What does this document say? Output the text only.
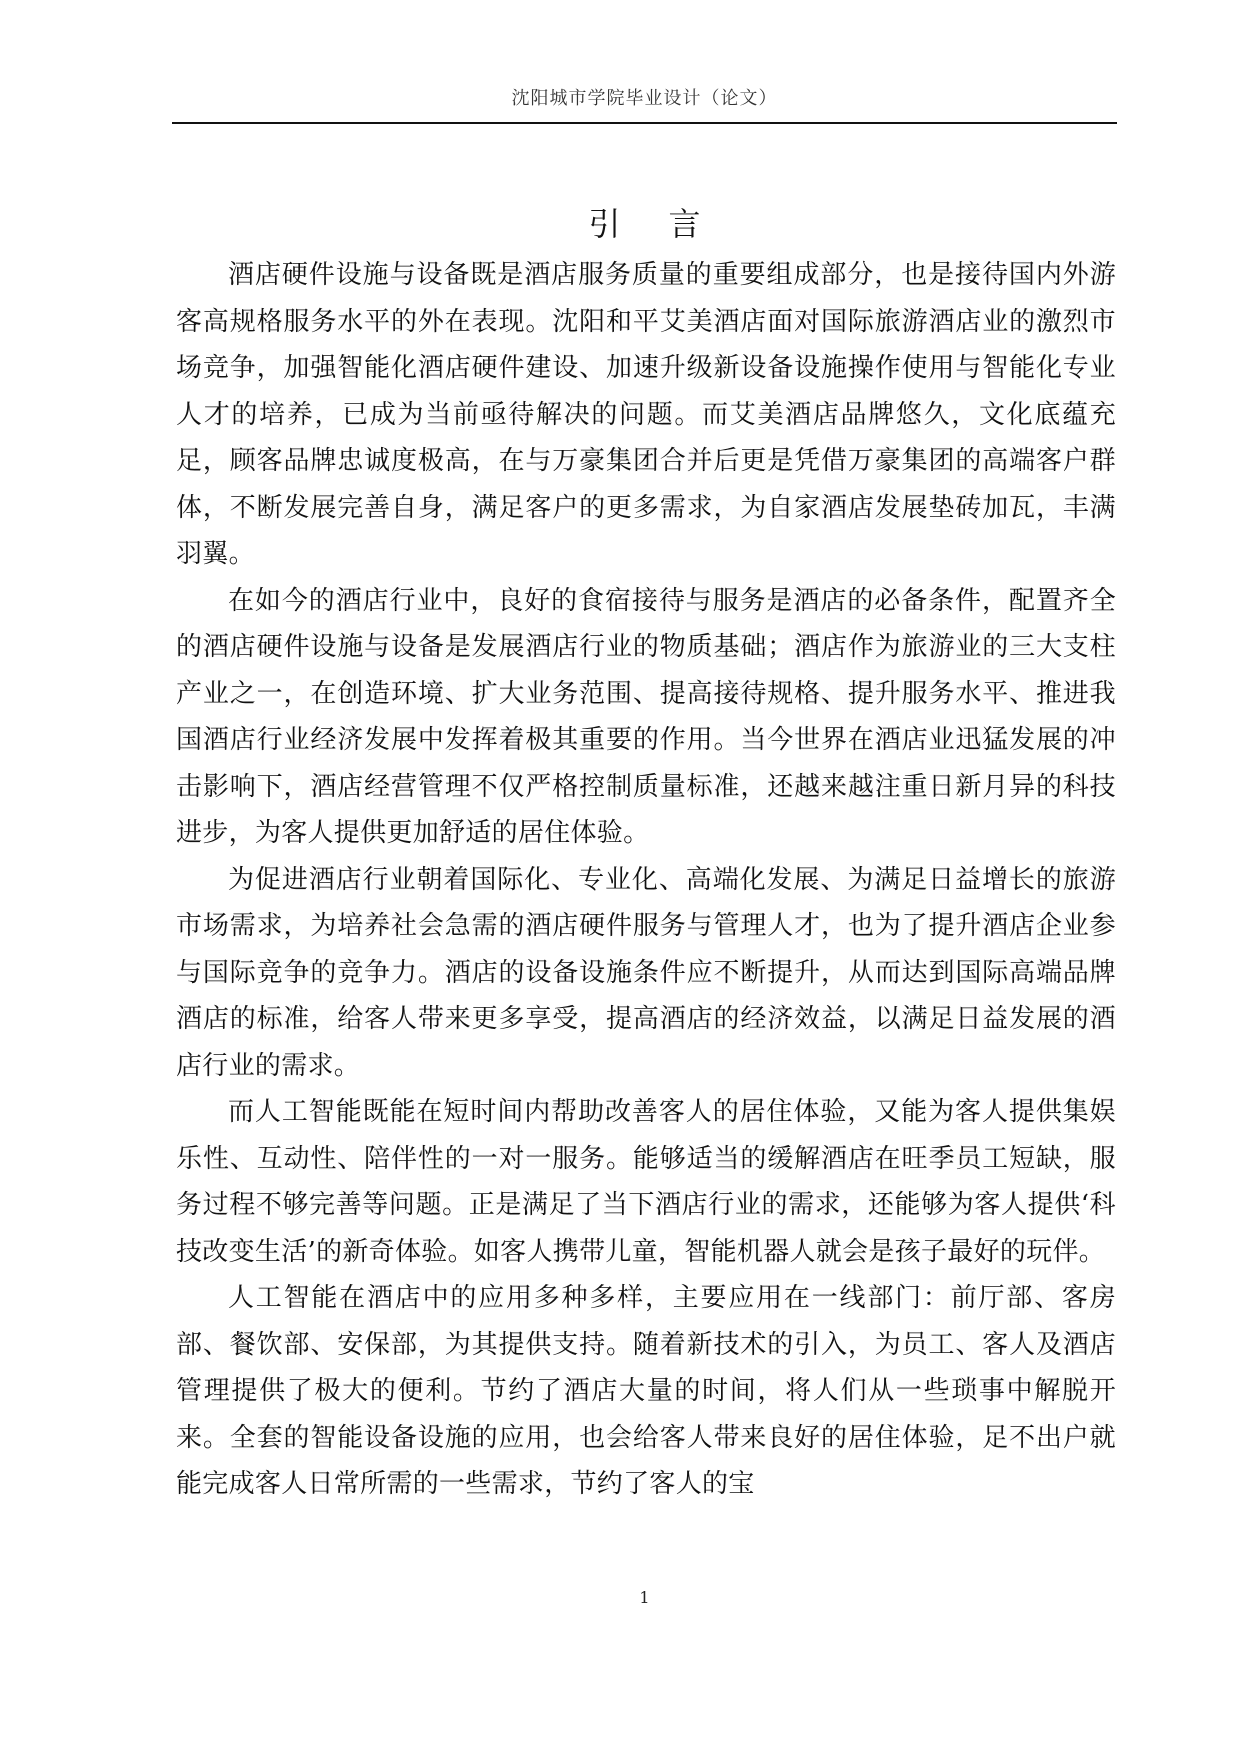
沈阳城市学院毕业设计（论文）
引言

酒店硬件设施与设备既是酒店服务质量的重要组成部分，也是接待国内外游客高规格服务水平的外在表现。沈阳和平艾美酒店面对国际旅游酒店业的激烈市场竞争，加强智能化酒店硬件建设、加速升级新设备设施操作使用与智能化专业人才的培养，已成为当前亟待解决的问题。而艾美酒店品牌悠久，文化底蕴充足，顾客品牌忠诚度极高，在与万豪集团合并后更是凭借万豪集团的高端客户群体，不断发展完善自身，满足客户的更多需求，为自家酒店发展垫砖加瓦，丰满羽翼。

在如今的酒店行业中，良好的食宿接待与服务是酒店的必备条件，配置齐全的酒店硬件设施与设备是发展酒店行业的物质基础；酒店作为旅游业的三大支柱产业之一，在创造环境、扩大业务范围、提高接待规格、提升服务水平、推进我国酒店行业经济发展中发挥着极其重要的作用。当今世界在酒店业迅猛发展的冲击影响下，酒店经营管理不仅严格控制质量标准，还越来越注重日新月异的科技进步，为客人提供更加舒适的居住体验。

为促进酒店行业朝着国际化、专业化、高端化发展、为满足日益增长的旅游市场需求，为培养社会急需的酒店硬件服务与管理人才，也为了提升酒店企业参与国际竞争的竞争力。酒店的设备设施条件应不断提升，从而达到国际高端品牌酒店的标准，给客人带来更多享受，提高酒店的经济效益，以满足日益发展的酒店行业的需求。

而人工智能既能在短时间内帮助改善客人的居住体验，又能为客人提供集娱乐性、互动性、陪伴性的一对一服务。能够适当的缓解酒店在旺季员工短缺，服务过程不够完善等问题。正是满足了当下酒店行业的需求，还能够为客人提供‘科技改变生活’的新奇体验。如客人携带儿童，智能机器人就会是孩子最好的玩伴。

人工智能在酒店中的应用多种多样，主要应用在一线部门：前厅部、客房部、餐饮部、安保部，为其提供支持。随着新技术的引入，为员工、客人及酒店管理提供了极大的便利。节约了酒店大量的时间，将人们从一些琐事中解脱开来。全套的智能设备设施的应用，也会给客人带来良好的居住体验，足不出户就能完成客人日常所需的一些需求，节约了客人的宝

1
